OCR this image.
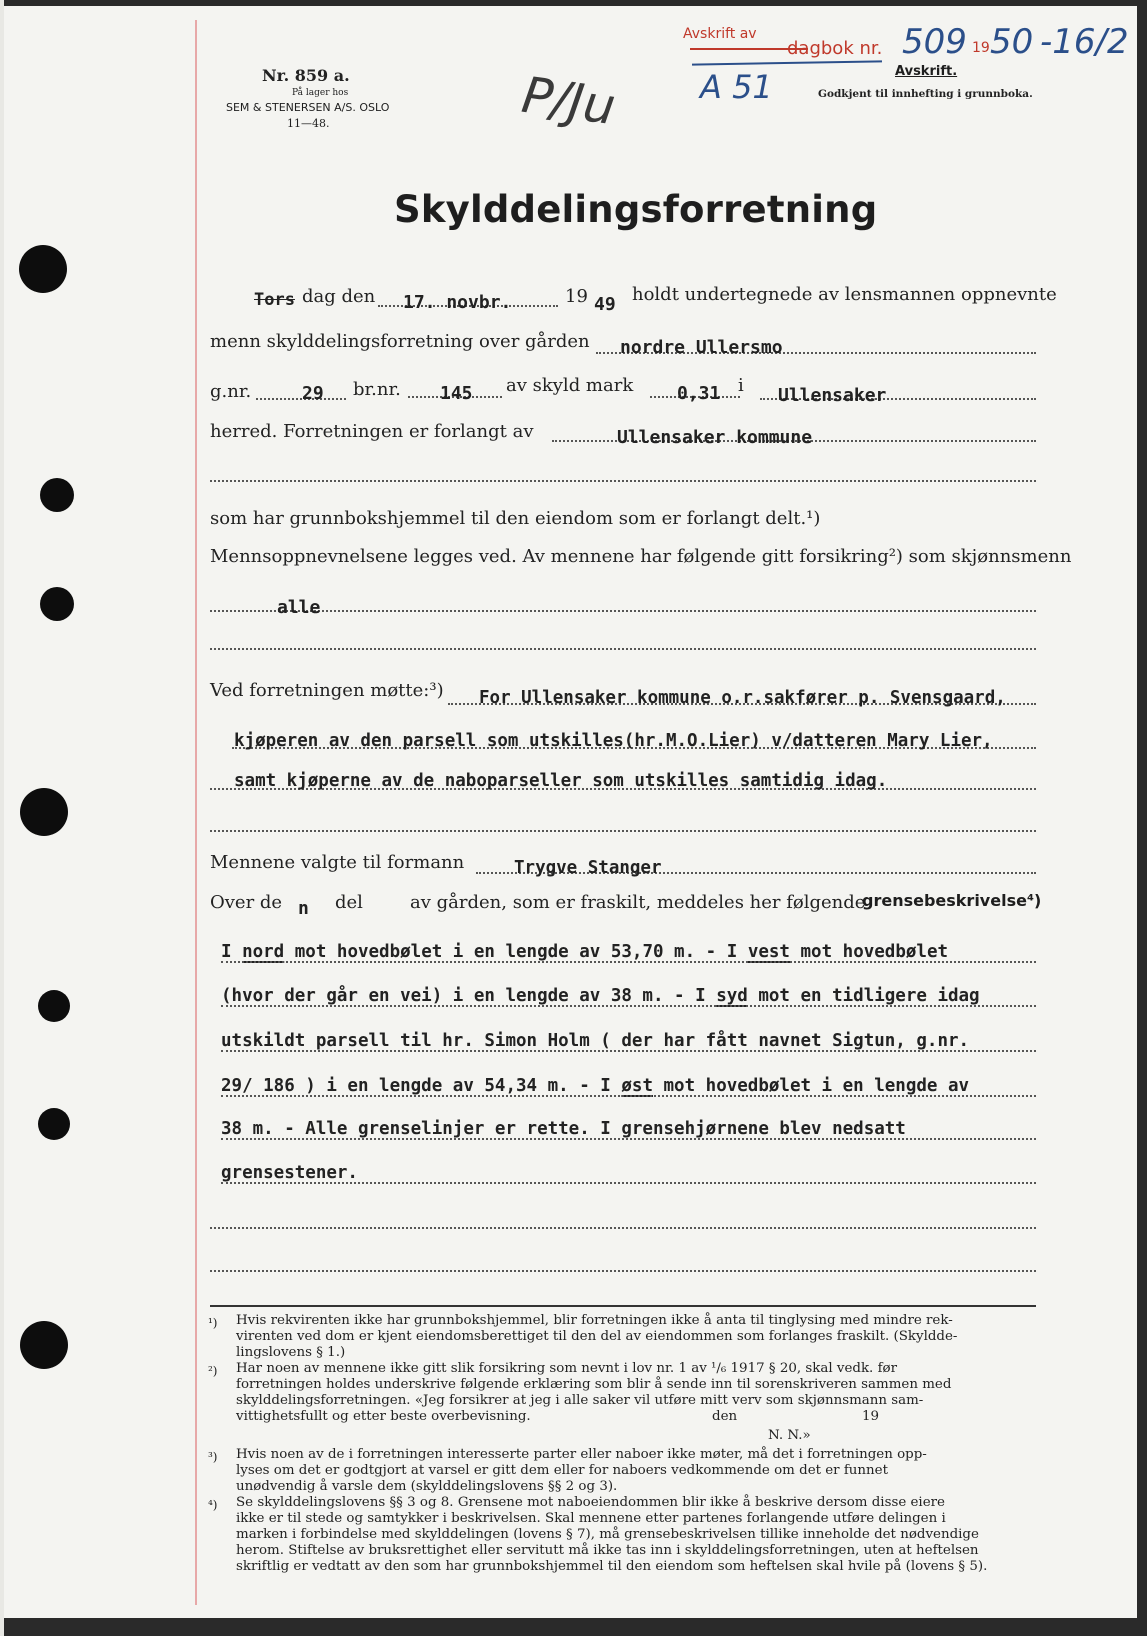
Nr. 859 a.
På lager hos
SEM & STENERSEN A/S. OSLO
11—48.	P/Ju
Avskrift av
dagbok nr. 509 19 50 -16/2
A 51	Avskrift.
Godkjent til innhefting i grunnboka.
Skylddelingsforretning
Tors dag den 17. novbr.	19 49 holdt undertegnede av lensmannen oppnevnte
menn skylddelingsforretning over gården nordre Ullersmo
g.nr.	29 br.nr. 145 av skyld mark 0,31 i Ullensaker
herred. Forretningen er forlangt av	Ullensaker kommune
som har grunnbokshjemmel til den eiendom som er forlangt delt.¹)
Mennsoppnevnelsene legges ved. Av mennene har følgende gitt forsikring²) som skjønnsmenn
alle
Ved forretningen møtte:³) For Ullensaker kommune o.r.sakfører p. Svensgaard,
kjøperen av den parsell som utskilles(hr.M.O.Lier) v/datteren Mary Lier,
samt kjøperne av de naboparseller som utskilles samtidig idag.
Mennene valgte til formann	Trygve Stanger
Over de n del	av gården, som er fraskilt, meddeles her følgende
grensebeskrivelse⁴)
I nord mot hovedbølet i en lengde av 53,70 m. - I vest mot hovedbølet
(hvor der går en vei) i en lengde av 38 m. - I syd mot en tidligere idag
utskildt parsell til hr. Simon Holm ( der har fått navnet Sigtun, g.nr.
29/ 186 ) i en lengde av 54,34 m. - I øst mot hovedbølet i en lengde av
38 m. - Alle grenselinjer er rette. I grensehjørnene blev nedsatt
grensestener.
¹) Hvis rekvirenten ikke har grunnbokshjemmel, blir forretningen ikke å anta til tinglysing med mindre rek-
virenten ved dom er kjent eiendomsberettiget til den del av eiendommen som forlanges fraskilt. (Skyldde-
lingslovens § 1.)
²) Har noen av mennene ikke gitt slik forsikring som nevnt i lov nr. 1 av ¹/₆ 1917 § 20, skal vedk. før
forretningen holdes underskrive følgende erklæring som blir å sende inn til sorenskriveren sammen med
skylddelingsforretningen. «Jeg forsikrer at jeg i alle saker vil utføre mitt verv som skjønnsmann sam-
vittighetsfullt og etter beste overbevisning.	den	19
N. N.»
³) Hvis noen av de i forretningen interesserte parter eller naboer ikke møter, må det i forretningen opp-
lyses om det er godtgjort at varsel er gitt dem eller for naboers vedkommende om det er funnet
unødvendig å varsle dem (skylddelingslovens §§ 2 og 3).
⁴) Se skylddelingslovens §§ 3 og 8. Grensene mot naboeiendommen blir ikke å beskrive dersom disse eiere
ikke er til stede og samtykker i beskrivelsen. Skal mennene etter partenes forlangende utføre delingen i
marken i forbindelse med skylddelingen (lovens § 7), må grensebeskrivelsen tillike inneholde det nødvendige
herom. Stiftelse av bruksrettighet eller servitutt må ikke tas inn i skylddelingsforretningen, uten at heftelsen
skriftlig er vedtatt av den som har grunnbokshjemmel til den eiendom som heftelsen skal hvile på (lovens § 5).
